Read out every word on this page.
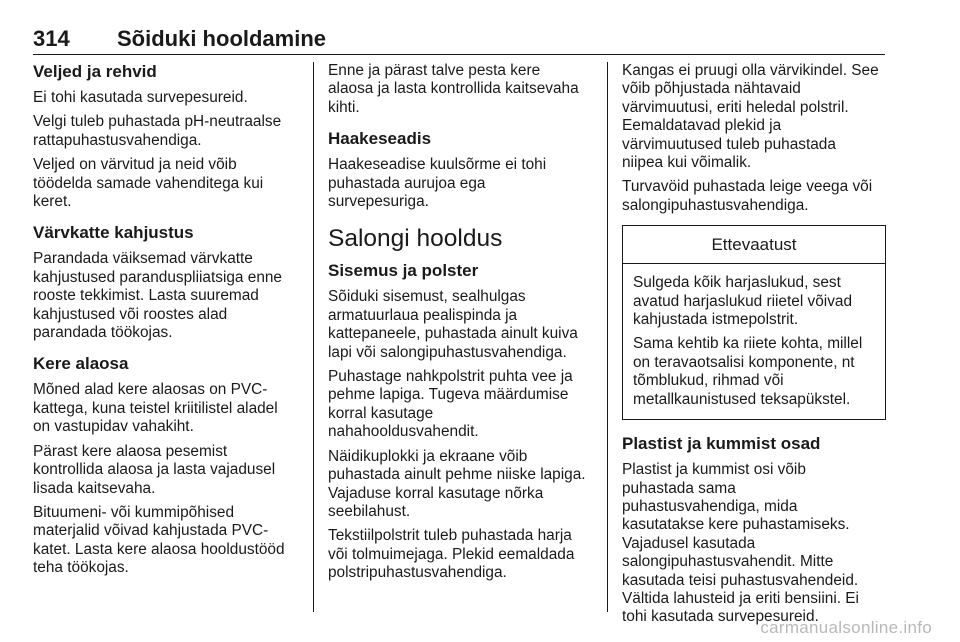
314 Sõiduki hooldamine
Veljed ja rehvid

Ei tohi kasutada survepesureid.

Velgi tuleb puhastada pH-neutraalse
rattapuhastusvahendiga.

Veljed on värvitud ja neid võib
töödelda samade vahenditega kui
keret.

Värvkatte kahjustus

Parandada väiksemad värvkatte
kahjustused paranduspliiatsiga enne
rooste tekkimist. Lasta suuremad
kahjustused või roostes alad
parandada töökojas.

Kere alaosa

Mõned alad kere alaosas on PVC-
kattega, kuna teistel kriitilistel aladel
on vastupidav vahakiht.

Pärast kere alaosa pesemist
kontrollida alaosa ja lasta vajadusel
lisada kaitsevaha.

Bituumeni- või kummipõhised
materjalid võivad kahjustada PVC-
katet. Lasta kere alaosa hooldustööd
teha töökojas.

Enne ja pärast talve pesta kere
alaosa ja lasta kontrollida kaitsevaha
kihti.

Haakeseadis

Haakeseadise kuulsõrme ei tohi
puhastada aurujoa ega
survepesuriga.

Salongi hooldus
Sisemus ja polster

Sõiduki sisemust, sealhulgas
armatuurlaua pealispinda ja
kattepaneele, puhastada ainult kuiva
lapi või salongipuhastusvahendiga.

Puhastage nahkpolstrit puhta vee ja
pehme lapiga. Tugeva määrdumise
korral kasutage
nahahooldusvahendit.

Näidikuplokki ja ekraane võib
puhastada ainult pehme niiske lapiga.
Vajaduse korral kasutage nõrka
seebilahust.

Tekstiilpolstrit tuleb puhastada harja
või tolmuimejaga. Plekid eemaldada
polstripuhastusvahendiga.

Kangas ei pruugi olla värvikindel. See
võib põhjustada nähtavaid
värvimuutusi, eriti heledal polstril.
Eemaldatavad plekid ja
värvimuutused tuleb puhastada
niipea kui võimalik.

Turvavöid puhastada leige veega või
salongipuhastusvahendiga.

Ettevaatust

Sulgeda kõik harjaslukud, sest
avatud harjaslukud riietel võivad
kahjustada istmepolstrit.

Sama kehtib ka riiete kohta, millel
on teravaotsalisi komponente, nt
tõmblukud, rihmad või
metallkaunistused teksapükstel.

Plastist ja kummist osad

Plastist ja kummist osi võib
puhastada sama
puhastusvahendiga, mida
kasutatakse kere puhastamiseks.
Vajadusel kasutada
salongipuhastusvahendit. Mitte
kasutada teisi puhastusvahendeid.
Vältida lahusteid ja eriti bensiini. Ei
tohi kasutada survepesureid.

carmanualsonline.info
